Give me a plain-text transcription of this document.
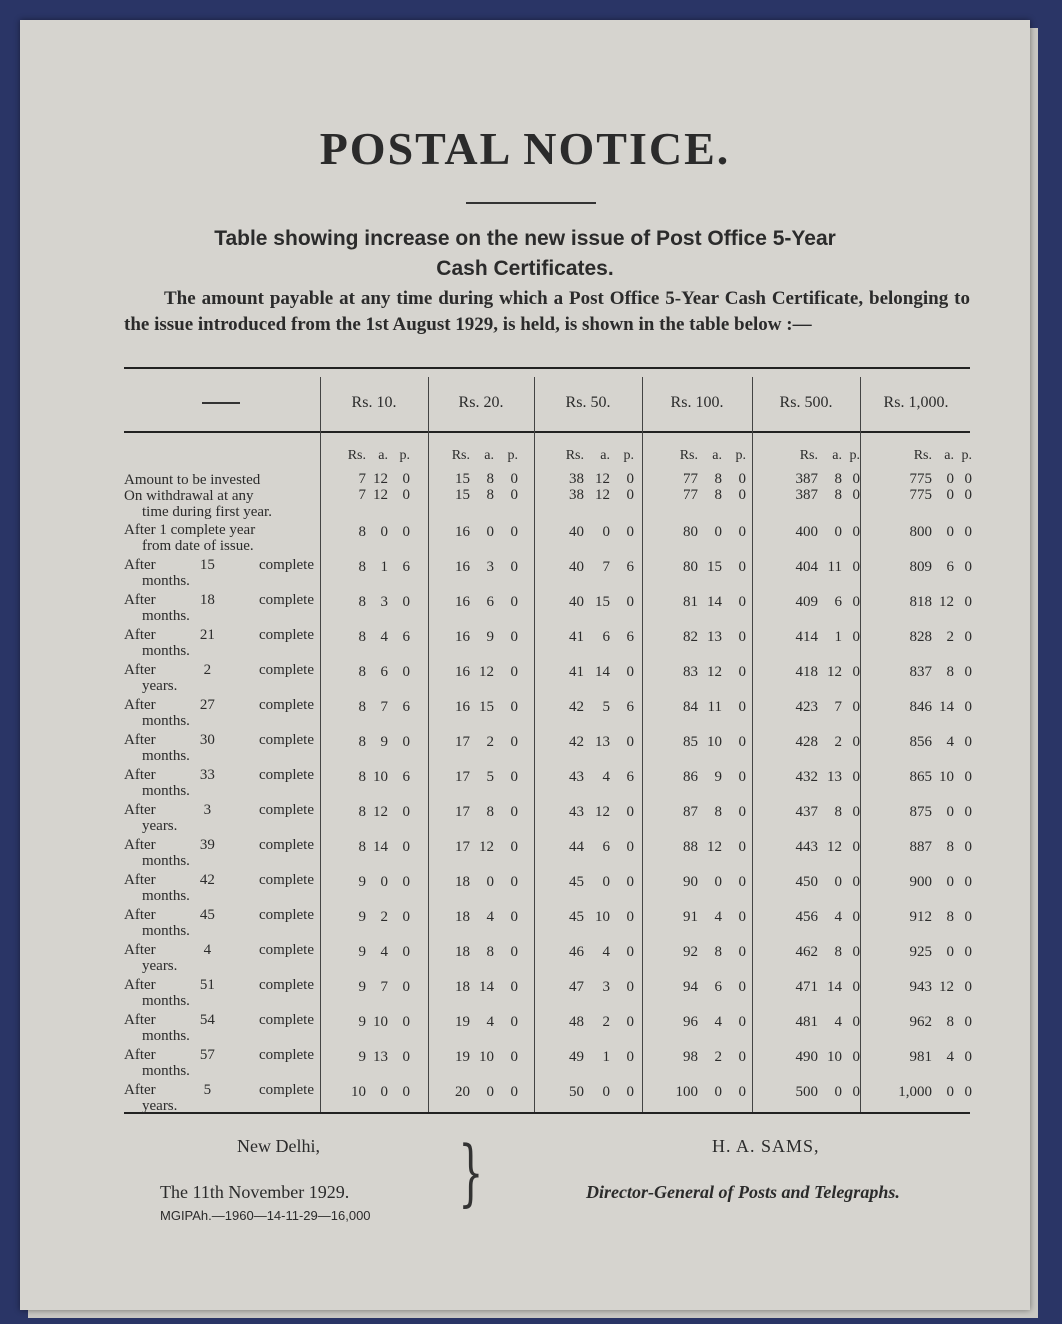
POSTAL NOTICE.
Table showing increase on the new issue of Post Office 5-Year
Cash Certificates.
The amount payable at any time during which a Post Office 5-Year Cash Certificate, belonging to the issue introduced from the 1st August 1929, is held, is shown in the table below :—
Rs. 10.	Rs. 20.	Rs. 50.	Rs. 100.	Rs. 500.	Rs. 1,000.
Rs. a. p.	Rs. a. p.	Rs. a. p.	Rs. a. p.	Rs. a. p.	Rs. a. p.
Amount to be invested	7 12 0	15 8 0	38 12 0	77 8 0	387 8 0	775 0 0
On withdrawal at any
time during first year.
7 12 0	15 8 0	38 12 0	77 8 0	387 8 0	775 0 0
After 1 complete year
from date of issue.
8 0 0	16 0 0	40 0 0	80 0 0	400 0 0	800 0 0
After	15	complete
months.
8 1 6	16 3 0	40 7 6	80 15 0	404 11 0	809 6 0
After	18	complete
months.
8 3 0	16 6 0	40 15 0	81 14 0	409 6 0	818 12 0
After	21	complete
months.
8 4 6	16 9 0	41 6 6	82 13 0	414 1 0	828 2 0
After	2	complete
years.
8 6 0	16 12 0	41 14 0	83 12 0	418 12 0	837 8 0
After	27	complete
months.
8 7 6	16 15 0	42 5 6	84 11 0	423 7 0	846 14 0
After	30	complete
months.
8 9 0	17 2 0	42 13 0	85 10 0	428 2 0	856 4 0
After	33	complete
months.
8 10 6	17 5 0	43 4 6	86 9 0	432 13 0	865 10 0
After	3	complete
years.
8 12 0	17 8 0	43 12 0	87 8 0	437 8 0	875 0 0
After	39	complete
months.
8 14 0	17 12 0	44 6 0	88 12 0	443 12 0	887 8 0
After	42	complete
months.
9 0 0	18 0 0	45 0 0	90 0 0	450 0 0	900 0 0
After	45	complete
months.
9 2 0	18 4 0	45 10 0	91 4 0	456 4 0	912 8 0
After	4	complete
years.
9 4 0	18 8 0	46 4 0	92 8 0	462 8 0	925 0 0
After	51	complete
months.
9 7 0	18 14 0	47 3 0	94 6 0	471 14 0	943 12 0
After	54	complete
months.
9 10 0	19 4 0	48 2 0	96 4 0	481 4 0	962 8 0
After	57	complete
months.
9 13 0	19 10 0	49 1 0	98 2 0	490 10 0	981 4 0
After	5	complete
years.
10 0 0	20 0 0	50 0 0	100 0 0	500 0 0	1,000 0 0
New Delhi,
The 11th November 1929.
MGIPAh.—1960—14-11-29—16,000
}	H. A. SAMS,
Director-General of Posts and Telegraphs.
